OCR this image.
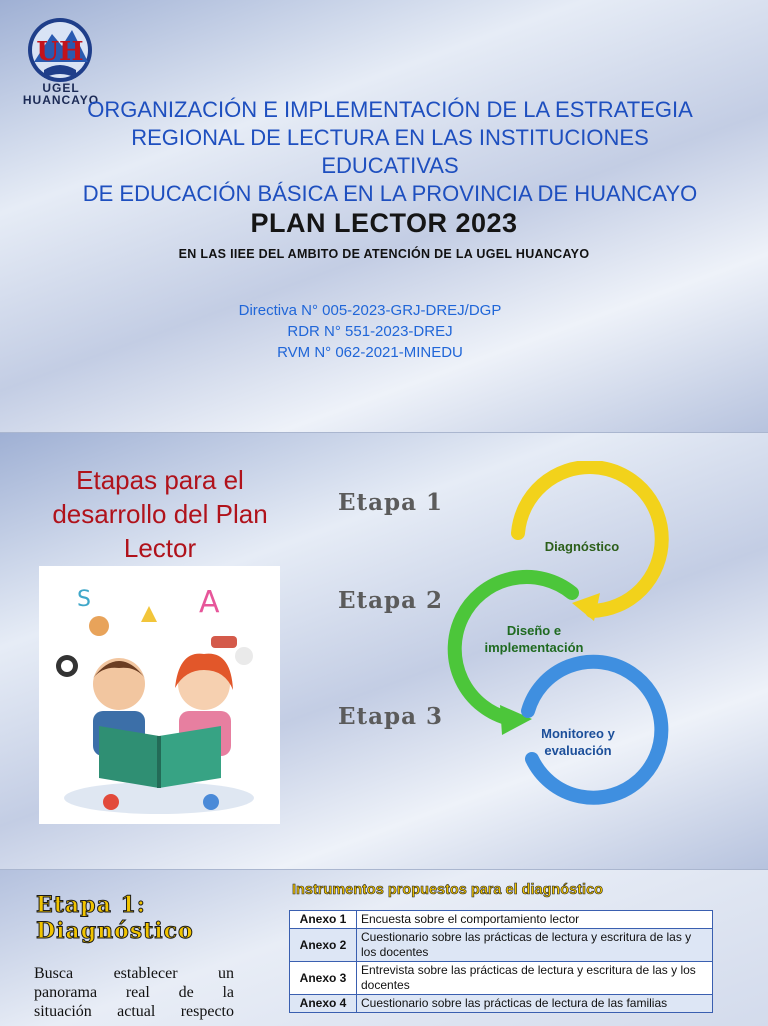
UH
UGEL
HUANCAYO
ORGANIZACIÓN E IMPLEMENTACIÓN DE LA ESTRATEGIA
REGIONAL DE LECTURA EN LAS INSTITUCIONES EDUCATIVAS
DE EDUCACIÓN BÁSICA EN LA PROVINCIA DE HUANCAYO
PLAN LECTOR 2023
EN LAS IIEE DEL AMBITO DE ATENCIÓN DE LA UGEL HUANCAYO
Directiva N° 005-2023-GRJ-DREJ/DGP
RDR N° 551-2023-DREJ
RVM N° 062-2021-MINEDU
Etapas para el
desarrollo del Plan
Lector
S	A
Etapa 1
Etapa 2
Etapa 3
Diagnóstico
Diseño e
implementación
Monitoreo y
evaluación
Etapa 1:
Diagnóstico
Busca establecer un
panorama real de la
situación actual respecto
Instrumentos propuestos para el diagnóstico
Anexo 1	Encuesta sobre el comportamiento lector
Anexo 2	Cuestionario sobre las prácticas de lectura y escritura de las y los docentes
Anexo 3	Entrevista sobre las prácticas de lectura y escritura de las y los docentes
Anexo 4	Cuestionario sobre las prácticas de lectura de las familias
